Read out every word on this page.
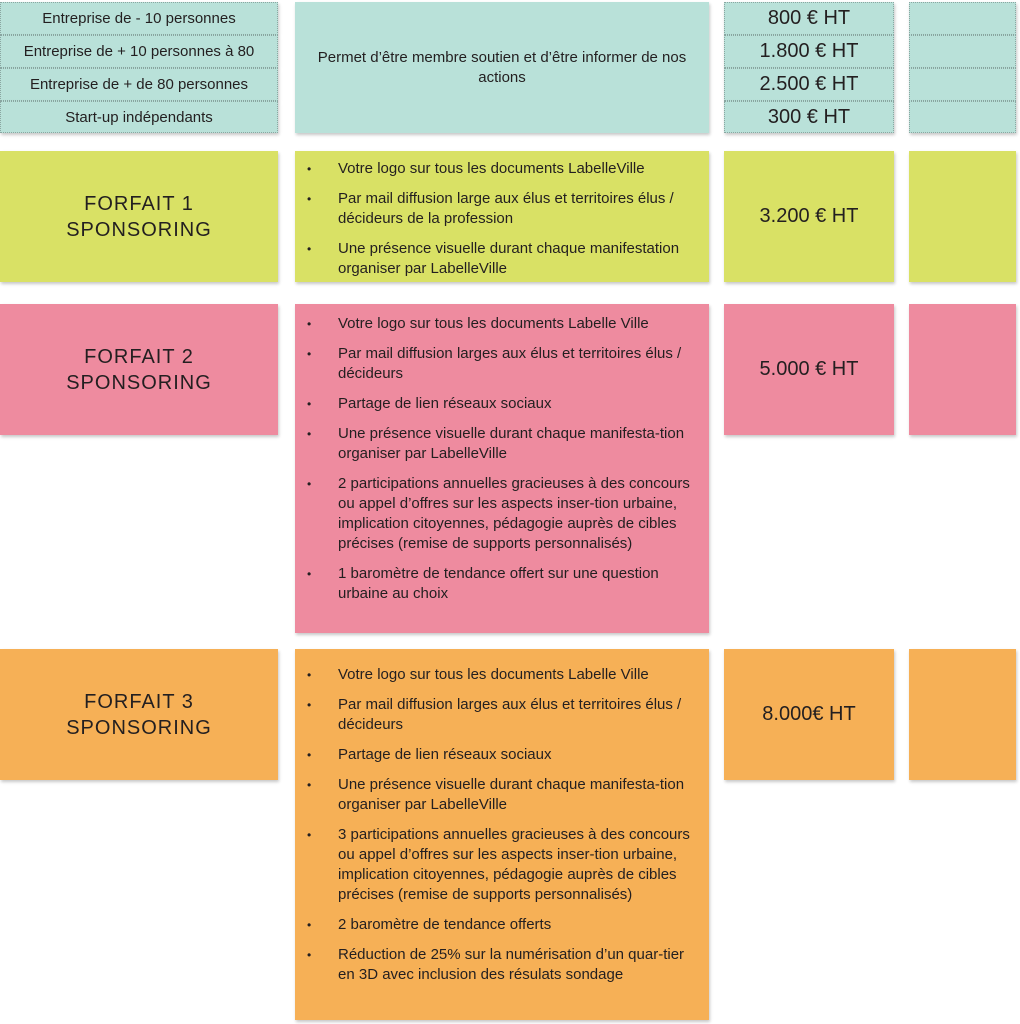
Entreprise de - 10 personnes
Entreprise de + 10 personnes à 80
Entreprise de + de 80 personnes
Start-up indépendants
Permet d’être membre soutien et d’être informer de nos actions
800 € HT
1.800 € HT
2.500 € HT
300 € HT
FORFAIT 1
SPONSORING
• Votre logo sur tous les documents LabelleVille
• Par mail diffusion large aux élus et territoires élus / décideurs de la profession
• Une présence visuelle durant chaque manifestation organiser par LabelleVille
3.200 € HT
FORFAIT 2
SPONSORING
• Votre logo sur tous les documents Labelle Ville
• Par mail diffusion larges aux élus et territoires élus / décideurs
• Partage de lien réseaux sociaux
• Une présence visuelle durant chaque manifesta-tion organiser par LabelleVille
• 2 participations annuelles gracieuses à des concours ou appel d’offres sur les aspects inser-tion urbaine, implication citoyennes, pédagogie auprès de cibles précises (remise de supports personnalisés)
• 1 baromètre de tendance offert sur une question urbaine au choix
5.000 € HT
FORFAIT 3
SPONSORING
• Votre logo sur tous les documents Labelle Ville
• Par mail diffusion larges aux élus et territoires élus / décideurs
• Partage de lien réseaux sociaux
• Une présence visuelle durant chaque manifesta-tion organiser par LabelleVille
• 3 participations annuelles gracieuses à des concours ou appel d’offres sur les aspects inser-tion urbaine, implication citoyennes, pédagogie auprès de cibles précises (remise de supports personnalisés)
• 2 baromètre de tendance offerts
• Réduction de 25% sur la numérisation d’un quar-tier en 3D avec inclusion des résulats sondage
8.000€ HT
